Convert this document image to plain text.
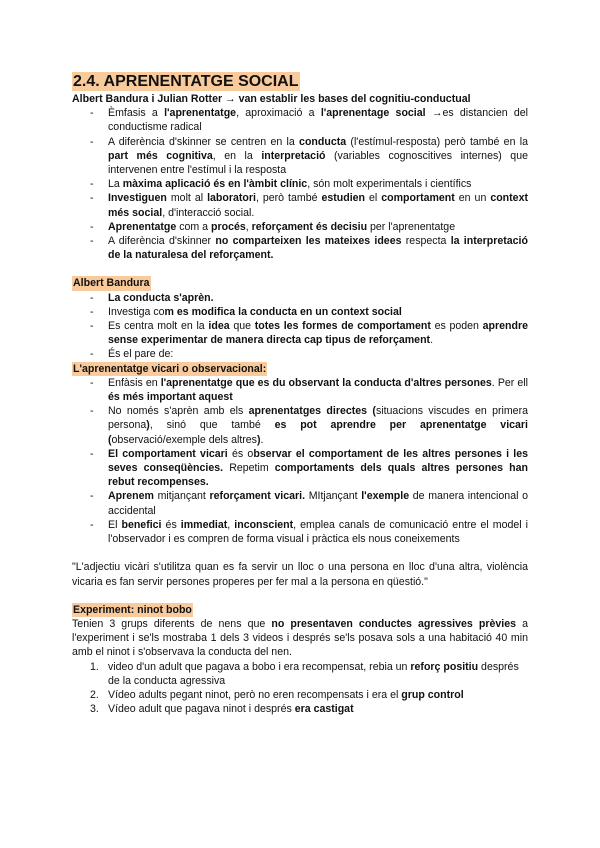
2.4. APRENENTATGE SOCIAL
Albert Bandura i Julian Rotter → van establir les bases del cognitiu-conductual
- Èmfasis a l'aprenentatge, aproximació a l'aprenentage social →es distancien del conductisme radical
- A diferència d'skinner se centren en la conducta (l'estímul-resposta) però també en la part més cognitiva, en la interpretació (variables cognoscitives internes) que intervenen entre l'estímul i la resposta
- La màxima aplicació és en l'àmbit clínic, són molt experimentals i científics
- Investiguen molt al laboratori, però també estudien el comportament en un context més social, d'interacció social.
- Aprenentatge com a procés, reforçament és decisiu per l'aprenentatge
- A diferència d'skinner no comparteixen les mateixes idees respecta la interpretació de la naturalesa del reforçament.
Albert Bandura
- La conducta s'aprèn.
- Investiga com es modifica la conducta en un context social
- Es centra molt en la idea que totes les formes de comportament es poden aprendre sense experimentar de manera directa cap tipus de reforçament.
- És el pare de:
L'aprenentatge vicari o observacional:
- Enfàsis en l'aprenentatge que es du observant la conducta d'altres persones. Per ell és més important aquest
- No només s'aprèn amb els aprenentatges directes (situacions viscudes en primera persona), sinó que també es pot aprendre per aprenentatge vicari (observació/exemple dels altres).
- El comportament vicari és observar el comportament de les altres persones i les seves conseqüències. Repetim comportaments dels quals altres persones han rebut recompenses.
- Aprenem mitjançant reforçament vicari. MItjançant l'exemple de manera intencional o accidental
- El benefici és immediat, inconscient, emplea canals de comunicació entre el model i l'observador i es compren de forma visual i pràctica els nous coneixements

"L'adjectiu vicàri s'utilitza quan es fa servir un lloc o una persona en lloc d'una altra, violència vicaria es fan servir persones properes per fer mal a la persona en qüestió."

Experiment: ninot bobo

Tenien 3 grups diferents de nens que no presentaven conductes agressives prèvies a l'experiment i se'ls mostraba 1 dels 3 videos i després se'ls posava sols a una habitació 40 min amb el ninot i s'observava la conducta del nen.

1. video d'un adult que pagava a bobo i era recompensat, rebia un reforç positiu després de la conducta agressiva
2. Vídeo adults pegant ninot, però no eren recompensats i era el grup control
3. Vídeo adult que pagava ninot i després era castigat
